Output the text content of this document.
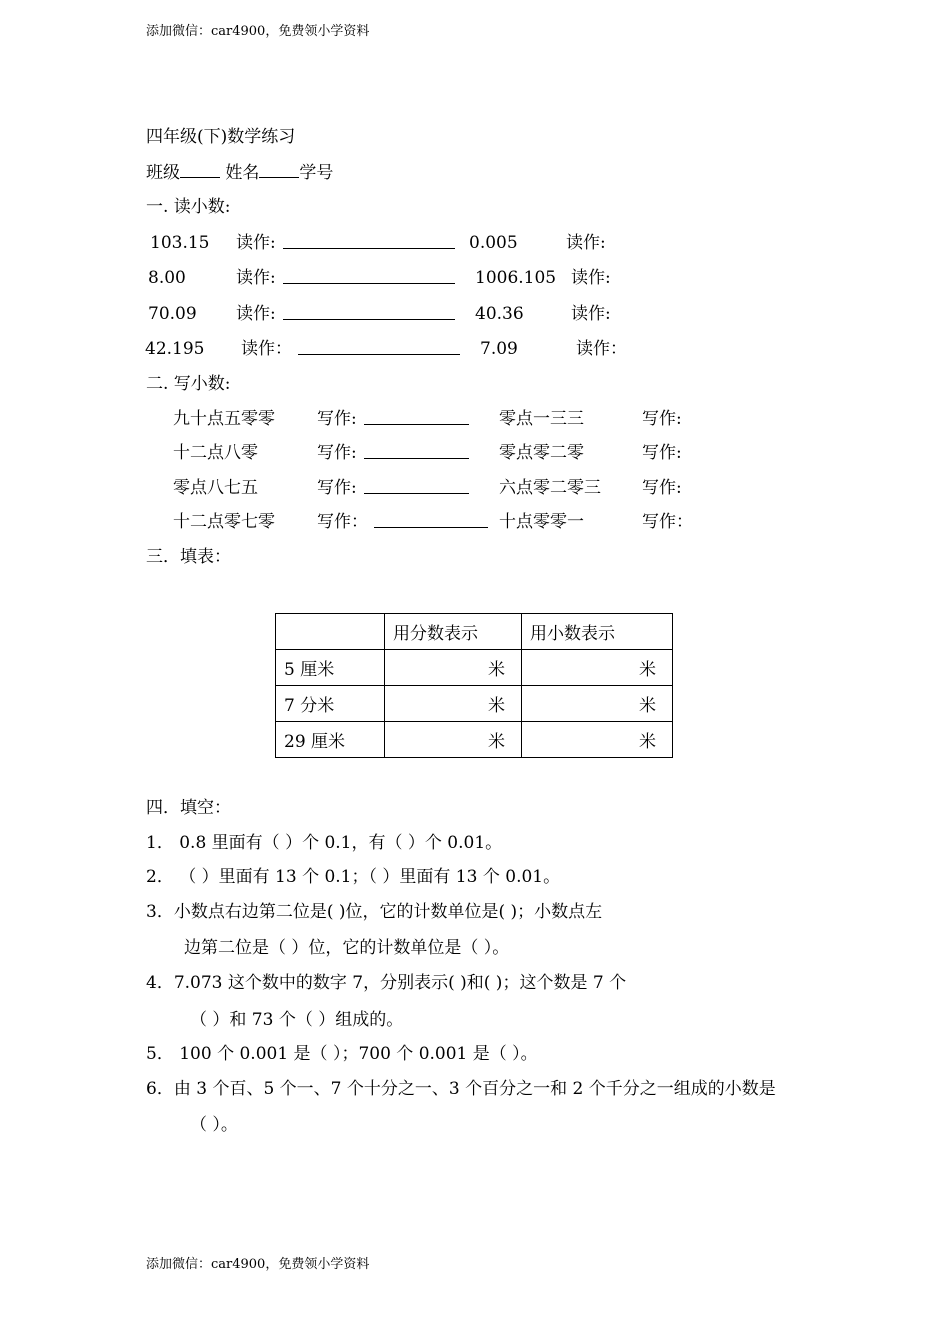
添加微信：car4900，免费领小学资料
四年级(下)数学练习
班级	姓名 学号
一. 读小数:
103.15 读作:	0.005	读作:
8.00	读作:	1006.105 读作:
70.09 读作:	40.36	读作:
42.195 读作：	7.09	读作：
二. 写小数:
九十点五零零 写作:	零点一三三	写作:
十二点八零	写作:	零点零二零	写作:
零点八七五	写作:	六点零二零三 写作:
十二点零七零 写作：	十点零零一	写作：
三．填表：
	用分数表示	用小数表示
5 厘米	米	米
7 分米	米	米
29 厘米	米	米
四．填空：
1． 0.8 里面有（ ）个 0.1，有（ ）个 0.01。
2． （ ）里面有 13 个 0.1；（ ）里面有 13 个 0.01。
3．小数点右边第二位是( )位，它的计数单位是( )；小数点左
边第二位是（ ）位，它的计数单位是（ ）。
4．7.073 这个数中的数字 7，分别表示( )和( )；这个数是 7 个
（ ）和 73 个（ ）组成的。
5． 100 个 0.001 是（ ）；700 个 0.001 是（ ）。
6．由 3 个百、5 个一、7 个十分之一、3 个百分之一和 2 个千分之一组成的小数是
（ ）。
添加微信：car4900，免费领小学资料
